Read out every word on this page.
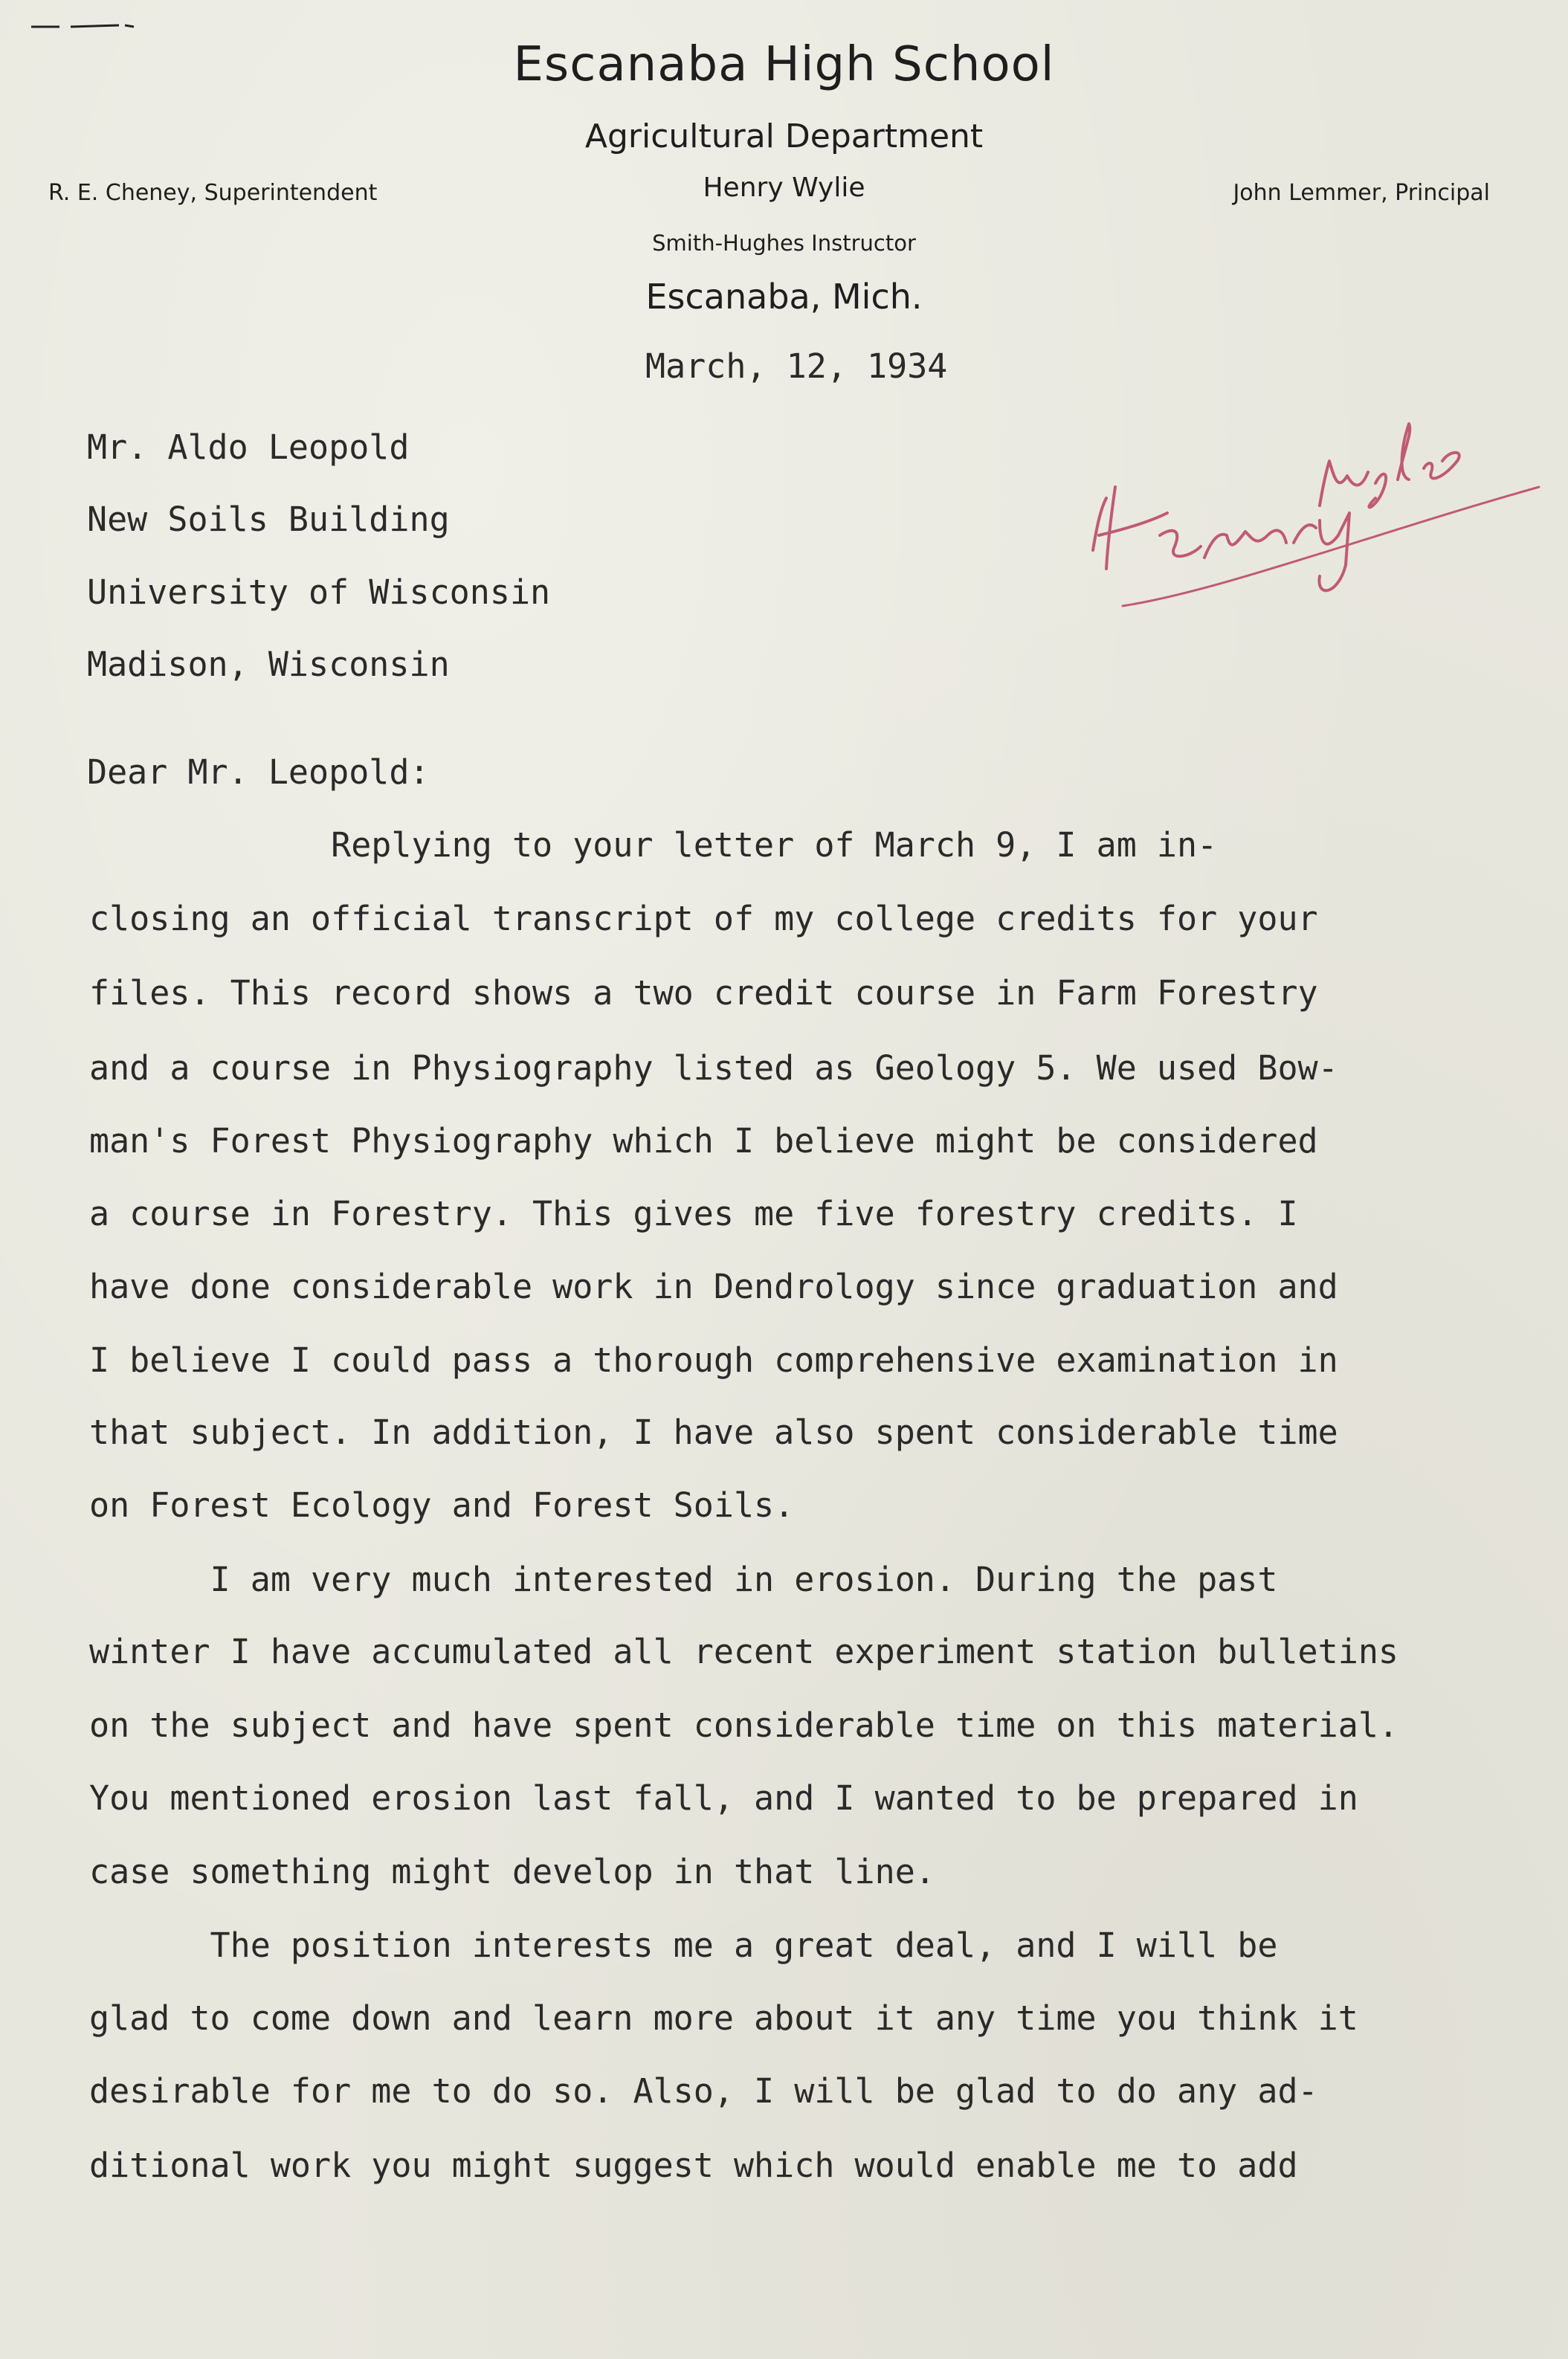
Escanaba High School
Agricultural Department
R. E. Cheney, Superintendent	Henry Wylie	John Lemmer, Principal
Smith-Hughes Instructor
Escanaba, Mich.
March, 12, 1934
Mr. Aldo Leopold
New Soils Building
University of Wisconsin
Madison, Wisconsin
Dear Mr. Leopold:
Replying to your letter of March 9, I am in-
closing an official transcript of my college credits for your
files. This record shows a two credit course in Farm Forestry
and a course in Physiography listed as Geology 5. We used Bow-
man's Forest Physiography which I believe might be considered
a course in Forestry. This gives me five forestry credits. I
have done considerable work in Dendrology since graduation and
I believe I could pass a thorough comprehensive examination in
that subject. In addition, I have also spent considerable time
on Forest Ecology and Forest Soils.
I am very much interested in erosion. During the past
winter I have accumulated all recent experiment station bulletins
on the subject and have spent considerable time on this material.
You mentioned erosion last fall, and I wanted to be prepared in
case something might develop in that line.
The position interests me a great deal, and I will be
glad to come down and learn more about it any time you think it
desirable for me to do so. Also, I will be glad to do any ad-
ditional work you might suggest which would enable me to add
